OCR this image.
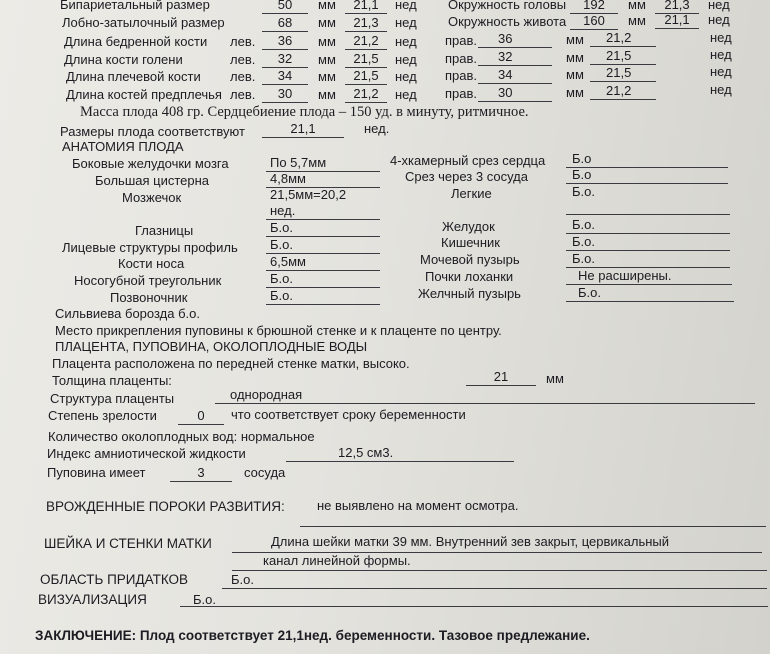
Бипариетальный размер	50	мм	21,1	нед Окружность головы	192	мм	21,3	нед
Лобно-затылочный размер	68	мм	21,3	нед Окружность живота	160	мм	21,1	нед
Длина бедренной кости лев.	36	мм	21,2	нед прав.	36	мм	21,2	нед
Длина кости голени	лев.	32	мм	21,5	нед прав.	32	мм	21,5	нед
Длина плечевой кости лев.	34	мм	21,5	нед прав.	34	мм	21,5	нед
Длина костей предплечья лев.	30	мм	21,2	нед прав.	30	мм	21,2	нед
Масса плода 408 гр. Сердцебиение плода – 150 уд. в минуту, ритмичное.
Размеры плода соответствуют	21,1	нед.
АНАТОМИЯ ПЛОДА
Боковые желудочки мозга	По 5,7мм
Большая цистерна	4,8мм
Мозжечок	21,5мм=20,2
нед.
Глазницы	Б.о.
Лицевые структуры профиль	Б.о.
Кости носа	6,5мм
Носогубной треугольник	Б.о.
Позвоночник	Б.о.
4-хкамерный срез сердца	Б.о
Срез через 3 сосуда	Б.о
Легкие	Б.о.
Желудок	Б.о.
Кишечник	Б.о.
Мочевой пузырь	Б.о.
Почки лоханки	Не расширены.
Желчный пузырь	Б.о.
Сильвиева борозда б.о.
Место прикрепления пуповины к брюшной стенке и к плаценте по центру.
ПЛАЦЕНТА, ПУПОВИНА, ОКОЛОПЛОДНЫЕ ВОДЫ
Плацента расположена по передней стенке матки, высоко.
Толщина плаценты:	21	мм
Структура плаценты	однородная
Степень зрелости	0	что соответствует сроку беременности
Количество околоплодных вод: нормальное
Индекс амниотической жидкости	12,5 см3.
Пуповина имеет	3	сосуда
ВРОЖДЕННЫЕ ПОРОКИ РАЗВИТИЯ: не выявлено на момент осмотра.
ШЕЙКА И СТЕНКИ МАТКИ	Длина шейки матки 39 мм. Внутренний зев закрыт, цервикальный
канал линейной формы.
ОБЛАСТЬ ПРИДАТКОВ	Б.о.
ВИЗУАЛИЗАЦИЯ	Б.о.
ЗАКЛЮЧЕНИЕ: Плод соответствует 21,1нед. беременности. Тазовое предлежание.
